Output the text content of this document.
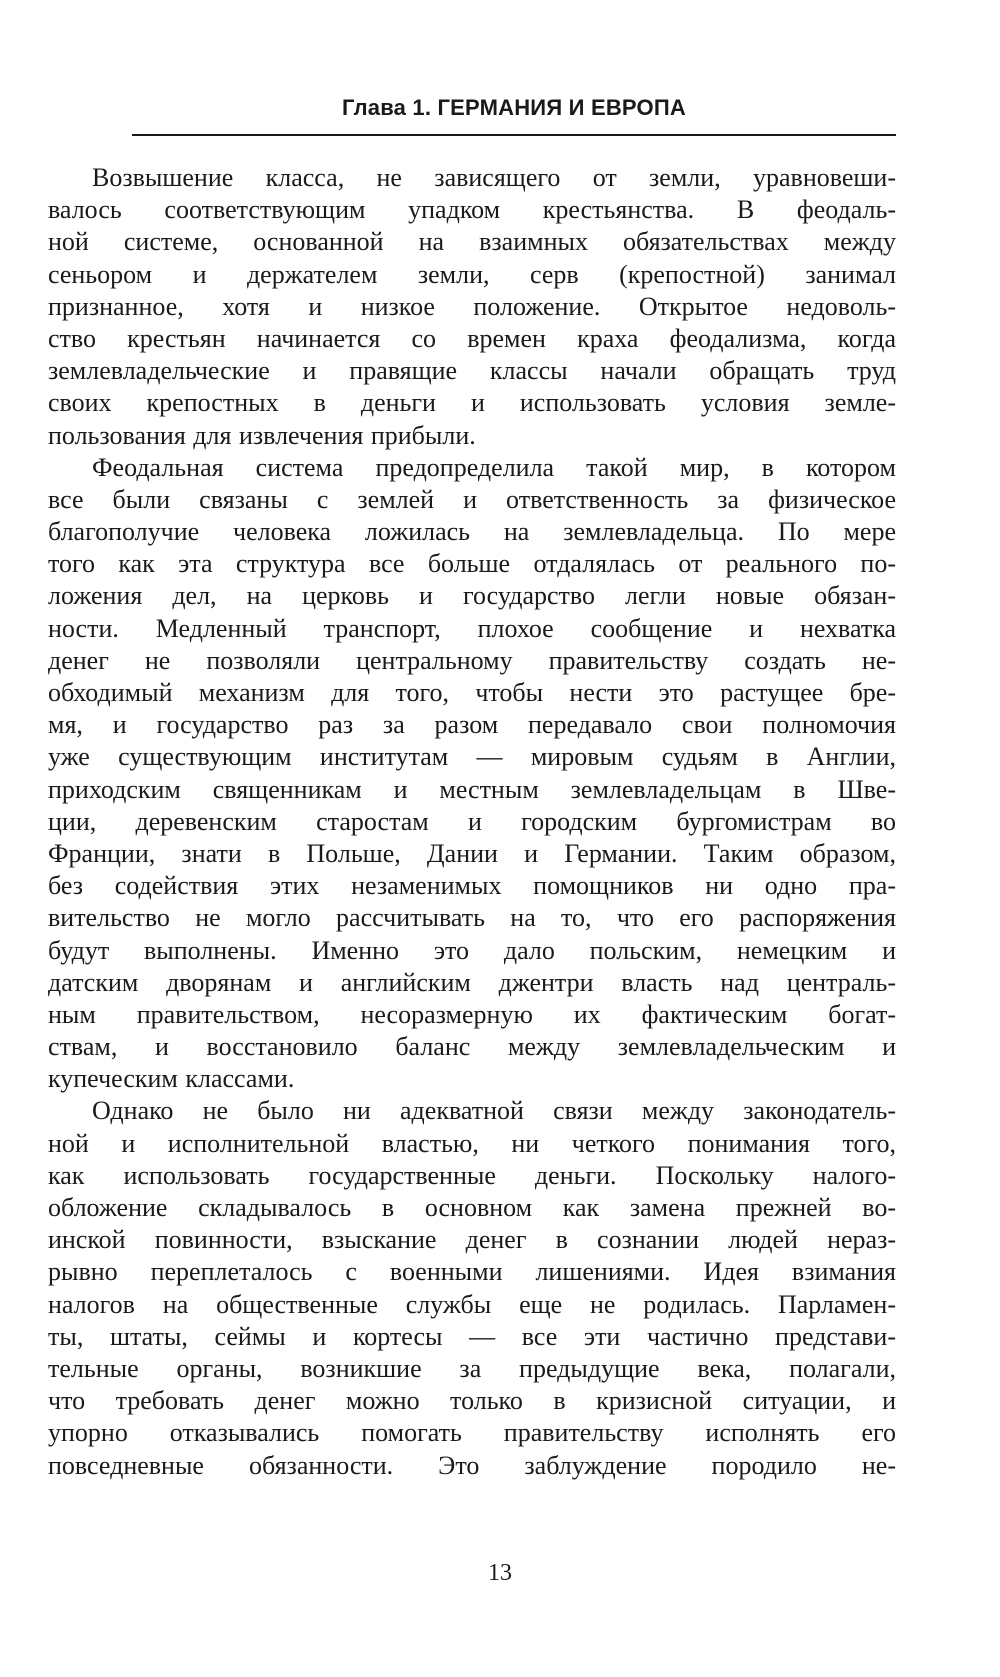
Глава 1. ГЕРМАНИЯ И ЕВРОПА
Возвышение класса, не зависящего от земли, уравновеши-
валось соответствующим упадком крестьянства. В феодаль-
ной системе, основанной на взаимных обязательствах между
сеньором и держателем земли, серв (крепостной) занимал
признанное, хотя и низкое положение. Открытое недоволь-
ство крестьян начинается со времен краха феодализма, когда
землевладельческие и правящие классы начали обращать труд
своих крепостных в деньги и использовать условия земле-
пользования для извлечения прибыли.
Феодальная система предопределила такой мир, в котором
все были связаны с землей и ответственность за физическое
благополучие человека ложилась на землевладельца. По мере
того как эта структура все больше отдалялась от реального по-
ложения дел, на церковь и государство легли новые обязан-
ности. Медленный транспорт, плохое сообщение и нехватка
денег не позволяли центральному правительству создать не-
обходимый механизм для того, чтобы нести это растущее бре-
мя, и государство раз за разом передавало свои полномочия
уже существующим институтам — мировым судьям в Англии,
приходским священникам и местным землевладельцам в Шве-
ции, деревенским старостам и городским бургомистрам во
Франции, знати в Польше, Дании и Германии. Таким образом,
без содействия этих незаменимых помощников ни одно пра-
вительство не могло рассчитывать на то, что его распоряжения
будут выполнены. Именно это дало польским, немецким и
датским дворянам и английским джентри власть над централь-
ным правительством, несоразмерную их фактическим богат-
ствам, и восстановило баланс между землевладельческим и
купеческим классами.
Однако не было ни адекватной связи между законодатель-
ной и исполнительной властью, ни четкого понимания того,
как использовать государственные деньги. Поскольку налого-
обложение складывалось в основном как замена прежней во-
инской повинности, взыскание денег в сознании людей нераз-
рывно переплеталось с военными лишениями. Идея взимания
налогов на общественные службы еще не родилась. Парламен-
ты, штаты, сеймы и кортесы — все эти частично представи-
тельные органы, возникшие за предыдущие века, полагали,
что требовать денег можно только в кризисной ситуации, и
упорно отказывались помогать правительству исполнять его
повседневные обязанности. Это заблуждение породило не-
13
